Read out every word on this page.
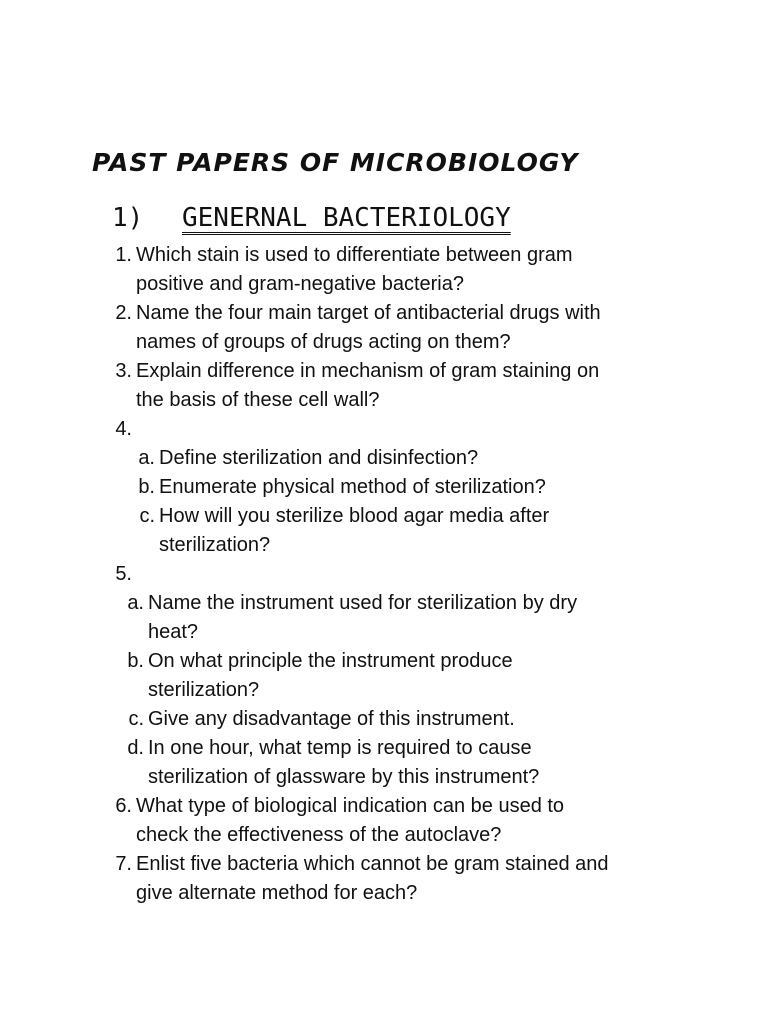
PAST PAPERS OF MICROBIOLOGY
1) GENERNAL BACTERIOLOGY
1. Which stain is used to differentiate between gram
positive and gram-negative bacteria?
2. Name the four main target of antibacterial drugs with
names of groups of drugs acting on them?
3. Explain difference in mechanism of gram staining on
the basis of these cell wall?
4.
a. Define sterilization and disinfection?
b. Enumerate physical method of sterilization?
c. How will you sterilize blood agar media after
sterilization?
5.
a. Name the instrument used for sterilization by dry
heat?
b. On what principle the instrument produce
sterilization?
c. Give any disadvantage of this instrument.
d. In one hour, what temp is required to cause
sterilization of glassware by this instrument?
6. What type of biological indication can be used to
check the effectiveness of the autoclave?
7. Enlist five bacteria which cannot be gram stained and
give alternate method for each?
